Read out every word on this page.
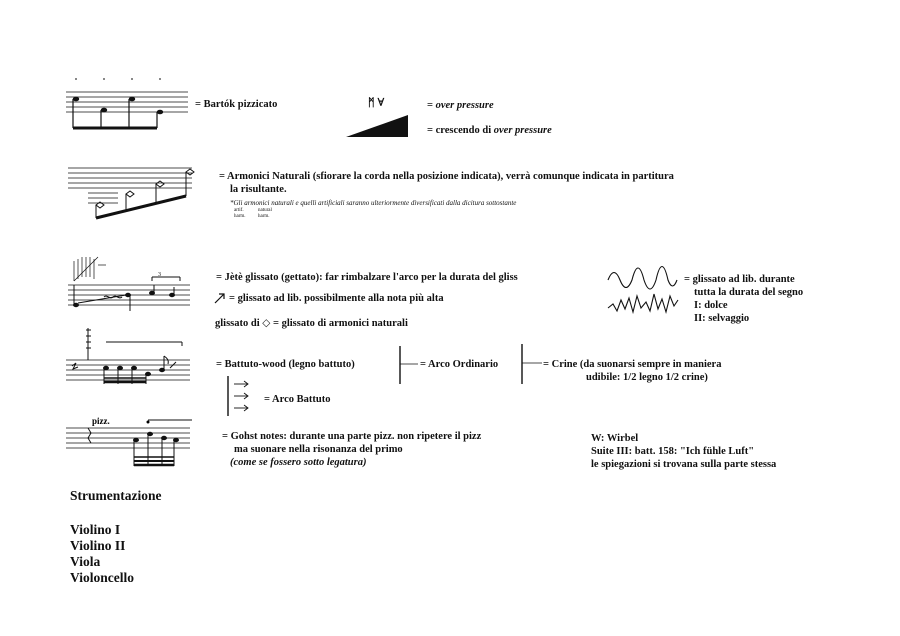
= Bartók pizzicato	ᛗ ∀	= over pressure
= crescendo di over pressure
= Armonici Naturali (sfiorare la corda nella posizione indicata), verrà comunque indicata in partitura
la risultante.
*Gli armonici naturali e quelli artificiali saranno ulteriormente diversificati dalla dicitura sottostante
artif.
harm.
natural
harm.
3	= Jètè glissato (gettato): far rimbalzare l'arco per la durata del gliss
= glissato ad lib. possibilmente alla nota più alta
glissato di ◇ = glissato di armonici naturali
= glissato ad lib. durante
tutta la durata del segno
I: dolce
II: selvaggio
= Battuto-wood (legno battuto)	= Arco Ordinario	= Crine (da suonarsi sempre in maniera
udibile: 1/2 legno 1/2 crine)
= Arco Battuto
pizz.
= Gohst notes: durante una parte pizz. non ripetere il pizz
ma suonare nella risonanza del primo
(come se fossero sotto legatura)
W: Wirbel
Suite III: batt. 158: "Ich fühle Luft"
le spiegazioni si trovana sulla parte stessa
Strumentazione
Violino I
Violino II
Viola
Violoncello
